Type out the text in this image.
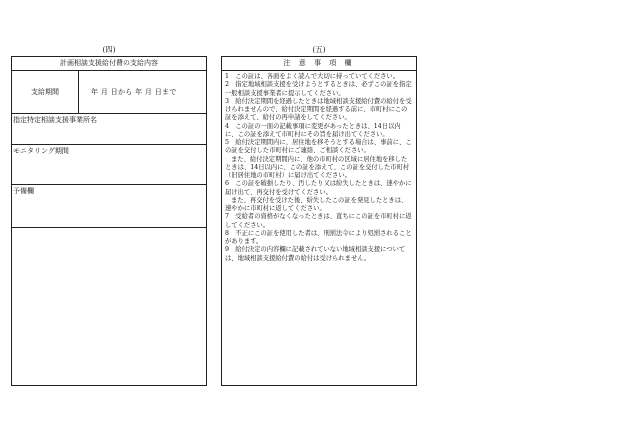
(四)
計画相談支援給付費の支給内容
支給期間	年 月 日から 年 月 日まで
指定特定相談支援事業所名
モニタリング期間
予備欄
(五)
注 意 事 項 欄

1　この証は、各面をよく読んで大切に持っていてください。

2　指定地域相談支援を受けようとするときは、必ずこの証を指定一般相談支援事業者に提示してください。

3　給付決定期間を経過したときは地域相談支援給付費の給付を受けられませんので、給付決定期間を経過する前に、市町村にこの証を添えて、給付の再申請をしてください。

4　この証の一面の記載事項に変更があったときは、14日以内に、この証を添えて市町村にその旨を届け出てください。

5　給付決定期間内に、居住地を移そうとする場合は、事前に、この証を交付した市町村にご連絡、ご相談ください。

また、給付決定期間内に、他の市町村の区域に居住地を移したときは、14日以内に、この証を添えて、この証を交付した市町村（旧居住地の市町村）に届け出てください。

6　この証を破損したり、汚したり又は紛失したときは、速やかに届け出て、再交付を受けてください。

また、再交付を受けた後、紛失したこの証を発見したときは、速やかに市町村に返してください。

7　受給者の資格がなくなったときは、直ちにこの証を市町村に返してください。

8　不正にこの証を使用した者は、刑罰法令により処罰されることがあります。

9　給付決定の内容欄に記載されていない地域相談支援については、地域相談支援給付費の給付は受けられません。
